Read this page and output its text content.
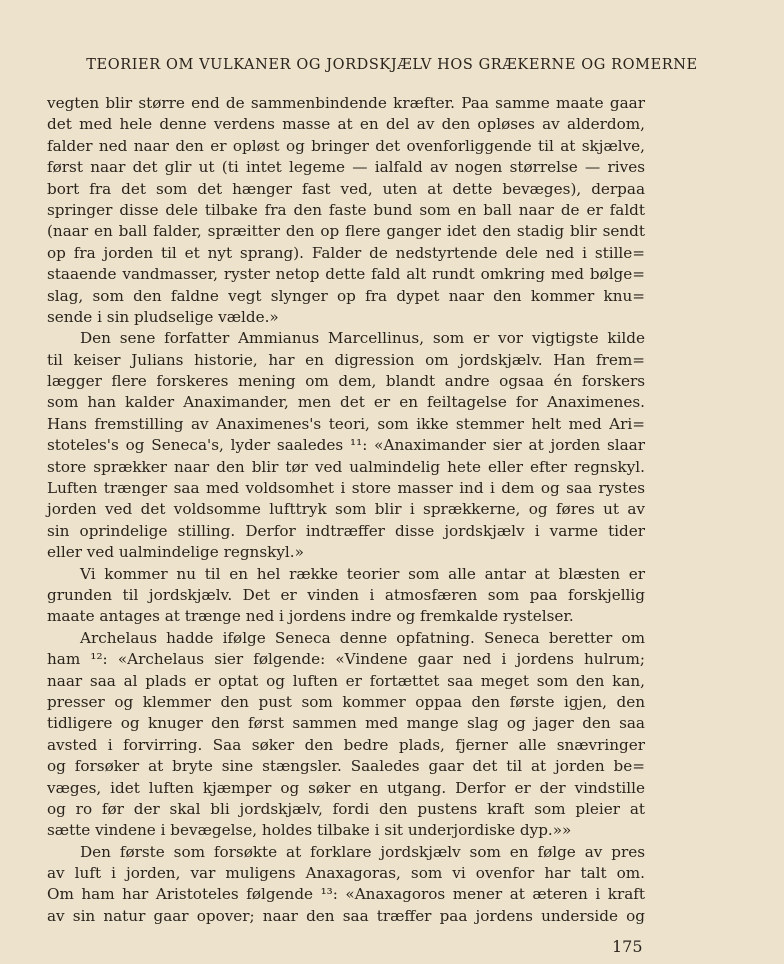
TEORIER OM VULKANER OG JORDSKJÆLV HOS GRÆKERNE OG ROMERNE
vegten blir større end de sammenbindende kræfter. Paa samme maate gaar
det med hele denne verdens masse at en del av den opløses av alderdom,
falder ned naar den er opløst og bringer det ovenforliggende til at skjælve,
først naar det glir ut (ti intet legeme — ialfald av nogen størrelse — rives
bort fra det som det hænger fast ved, uten at dette bevæges), derpaa
springer disse dele tilbake fra den faste bund som en ball naar de er faldt
(naar en ball falder, spræitter den op flere ganger idet den stadig blir sendt
op fra jorden til et nyt sprang). Falder de nedstyrtende dele ned i stille=
staaende vandmasser, ryster netop dette fald alt rundt omkring med bølge=
slag, som den faldne vegt slynger op fra dypet naar den kommer knu=
sende i sin pludselige vælde.»
Den sene forfatter Ammianus Marcellinus, som er vor vigtigste kilde
til keiser Julians historie, har en digression om jordskjælv. Han frem=
lægger flere forskeres mening om dem, blandt andre ogsaa én forskers
som han kalder Anaximander, men det er en feiltagelse for Anaximenes.
Hans fremstilling av Anaximenes's teori, som ikke stemmer helt med Ari=
stoteles's og Seneca's, lyder saaledes ¹¹: «Anaximander sier at jorden slaar
store sprækker naar den blir tør ved ualmindelig hete eller efter regnskyl.
Luften trænger saa med voldsomhet i store masser ind i dem og saa rystes
jorden ved det voldsomme lufttryk som blir i sprækkerne, og føres ut av
sin oprindelige stilling. Derfor indtræffer disse jordskjælv i varme tider
eller ved ualmindelige regnskyl.»
Vi kommer nu til en hel række teorier som alle antar at blæsten er
grunden til jordskjælv. Det er vinden i atmosfæren som paa forskjellig
maate antages at trænge ned i jordens indre og fremkalde rystelser.
Archelaus hadde ifølge Seneca denne opfatning. Seneca beretter om
ham ¹²: «Archelaus sier følgende: «Vindene gaar ned i jordens hulrum;
naar saa al plads er optat og luften er fortættet saa meget som den kan,
presser og klemmer den pust som kommer oppaa den første igjen, den
tidligere og knuger den først sammen med mange slag og jager den saa
avsted i forvirring. Saa søker den bedre plads, fjerner alle snævringer
og forsøker at bryte sine stængsler. Saaledes gaar det til at jorden be=
væges, idet luften kjæmper og søker en utgang. Derfor er der vindstille
og ro før der skal bli jordskjælv, fordi den pustens kraft som pleier at
sætte vindene i bevægelse, holdes tilbake i sit underjordiske dyp.»»
Den første som forsøkte at forklare jordskjælv som en følge av pres
av luft i jorden, var muligens Anaxagoras, som vi ovenfor har talt om.
Om ham har Aristoteles følgende ¹³: «Anaxagoros mener at æteren i kraft
av sin natur gaar opover; naar den saa træffer paa jordens underside og
175
